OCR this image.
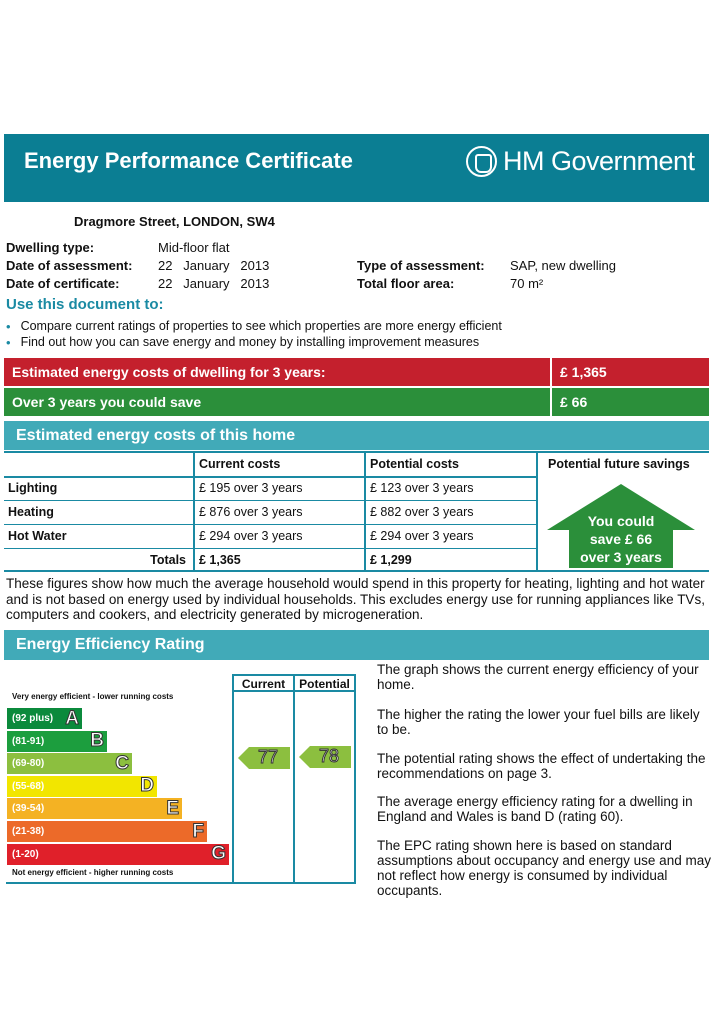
Energy Performance Certificate	HM Government
Dragmore Street, LONDON, SW4
Dwelling type:	Mid-floor flat
Date of assessment: 22   January   2013
Date of certificate:	22   January   2013
Type of assessment: SAP, new dwelling
Total floor area:	70 m²
Use this document to:
• Compare current ratings of properties to see which properties are more energy efficient
• Find out how you can save energy and money by installing improvement measures
Estimated energy costs of dwelling for 3 years:	£ 1,365
Over 3 years you could save	£ 66
Estimated energy costs of this home
Current costs	Potential costs	Potential future savings
Lighting	£ 195 over 3 years	£ 123 over 3 years
Heating	£ 876 over 3 years	£ 882 over 3 years
Hot Water	£ 294 over 3 years	£ 294 over 3 years
Totals £ 1,365	£ 1,299
You could
save £ 66
over 3 years
These figures show how much the average household would spend in this property for heating, lighting and hot water and is not based on energy used by individual households. This excludes energy use for running appliances like TVs, computers and cookers, and electricity generated by microgeneration.
Energy Efficiency Rating
Current	Potential
Very energy efficient - lower running costs
Not energy efficient - higher running costs
(92 plus) A
(81-91) B
(69-80)	C
(55-68)	D
(39-54)	E
(21-38)	F
(1-20)	G
77	78
The graph shows the current energy efficiency of your home.
The higher the rating the lower your fuel bills are likely to be.
The potential rating shows the effect of undertaking the recommendations on page 3.
The average energy efficiency rating for a dwelling in England and Wales is band D (rating 60).
The EPC rating shown here is based on standard assumptions about occupancy and energy use and may not reflect how energy is consumed by individual occupants.
